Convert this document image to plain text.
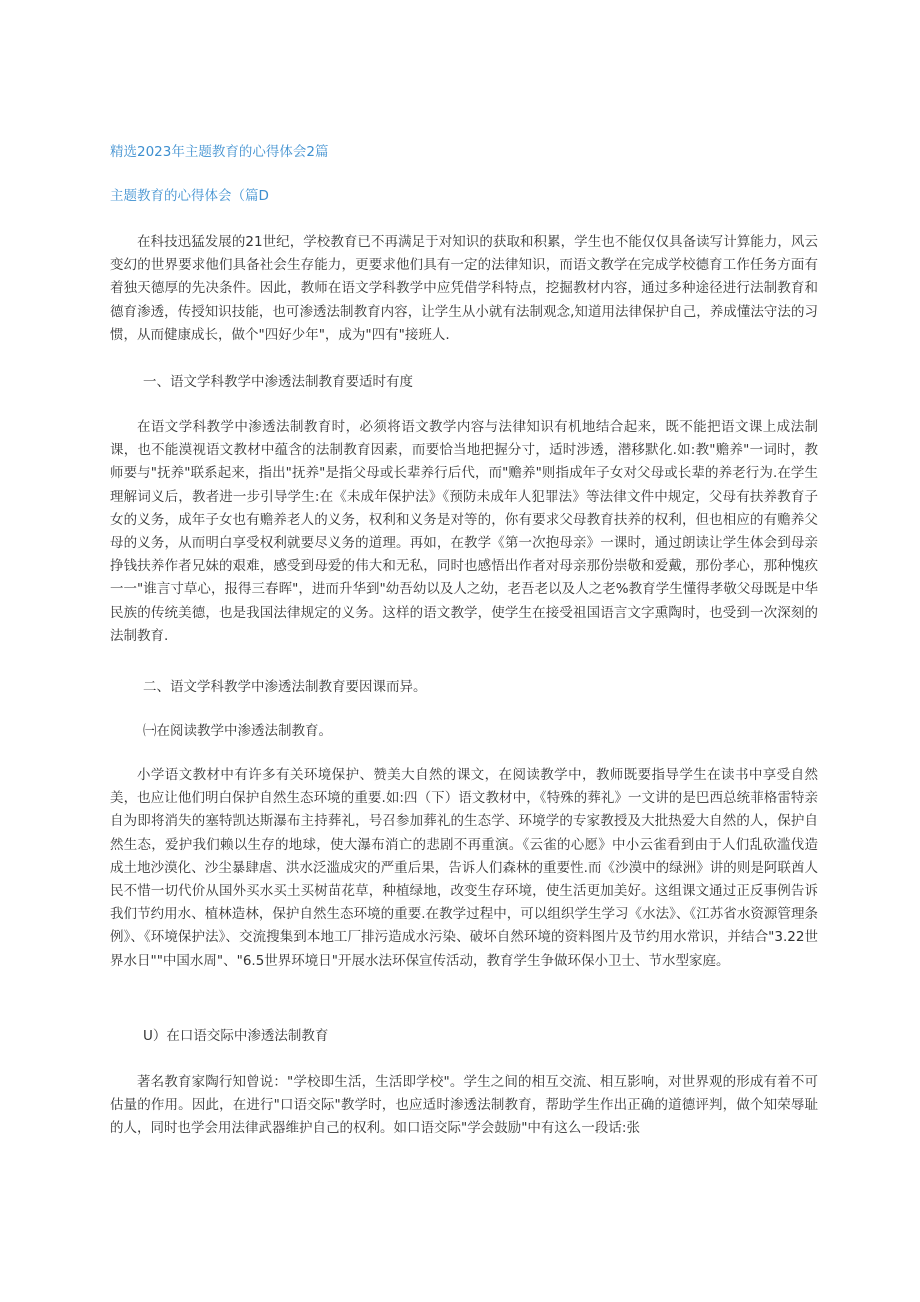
精选2023年主题教育的心得体会2篇
主题教育的心得体会（篇D

在科技迅猛发展的21世纪，学校教育已不再满足于对知识的获取和积累，学生也不能仅仅具备读写计算能力，风云变幻的世界要求他们具备社会生存能力，更要求他们具有一定的法律知识，而语文教学在完成学校德育工作任务方面有着独天德厚的先决条件。因此，教师在语文学科教学中应凭借学科特点，挖掘教材内容，通过多种途径进行法制教育和德育渗透，传授知识技能，也可渗透法制教育内容，让学生从小就有法制观念,知道用法律保护自己，养成懂法守法的习惯，从而健康成长，做个"四好少年"，成为"四有"接班人.

一、语文学科教学中渗透法制教育要适时有度

在语文学科教学中渗透法制教育时，必须将语文教学内容与法律知识有机地结合起来，既不能把语文课上成法制课，也不能漠视语文教材中蕴含的法制教育因素，而要恰当地把握分寸，适时涉透，潜移默化.如:教"赡养"一词时，教师要与"抚养"联系起来，指出"抚养"是指父母或长辈养行后代，而"赡养"则指成年子女对父母或长辈的养老行为.在学生理解词义后，教者进一步引导学生:在《未成年保护法》《预防未成年人犯罪法》等法律文件中规定，父母有扶养教育子女的义务，成年子女也有赡养老人的义务，权利和义务是对等的，你有要求父母教育扶养的权利，但也相应的有赡养父母的义务，从而明白享受权利就要尽义务的道理。再如，在教学《第一次抱母亲》一课时，通过朗读让学生体会到母亲挣钱扶养作者兄妹的艰难，感受到母爱的伟大和无私，同时也感悟出作者对母亲那份崇敬和爱戴，那份孝心，那种愧疚一一"谁言寸草心，报得三春晖"，进而升华到"幼吾幼以及人之幼，老吾老以及人之老%教育学生懂得孝敬父母既是中华民族的传统美德，也是我国法律规定的义务。这样的语文教学，使学生在接受祖国语言文字熏陶时，也受到一次深刻的法制教育.

二、语文学科教学中渗透法制教育要因课而异。
㈠在阅读教学中渗透法制教育。

小学语文教材中有许多有关环境保护、赞美大自然的课文，在阅读教学中，教师既要指导学生在读书中享受自然美，也应让他们明白保护自然生态环境的重要.如:四（下）语文教材中，《特殊的葬礼》一文讲的是巴西总统菲格雷特亲自为即将消失的塞特凯达斯瀑布主持葬礼，号召参加葬礼的生态学、环境学的专家教授及大批热爱大自然的人，保护自然生态，爱护我们赖以生存的地球，使大瀑布消亡的悲剧不再重演。《云雀的心愿》中小云雀看到由于人们乱砍滥伐造成土地沙漠化、沙尘暴肆虐、洪水泛滥成灾的严重后果，告诉人们森林的重要性.而《沙漠中的绿洲》讲的则是阿联酋人民不惜一切代价从国外买水买土买树苗花草，种植绿地，改变生存环境，使生活更加美好。这组课文通过正反事例告诉我们节约用水、植林造林，保护自然生态环境的重要.在教学过程中，可以组织学生学习《水法》、《江苏省水资源管理条例》、《环境保护法》、交流搜集到本地工厂排污造成水污染、破坏自然环境的资料图片及节约用水常识，并结合"3.22世界水日""中国水周"、"6.5世界环境日"开展水法环保宣传活动，教育学生争做环保小卫士、节水型家庭。

U）在口语交际中渗透法制教育

著名教育家陶行知曾说："学校即生活，生活即学校"。学生之间的相互交流、相互影响，对世界观的形成有着不可估量的作用。因此，在进行"口语交际"教学时，也应适时渗透法制教育，帮助学生作出正确的道德评判，做个知荣辱耻的人，同时也学会用法律武器维护自己的权利。如口语交际"学会鼓励"中有这么一段话:张
